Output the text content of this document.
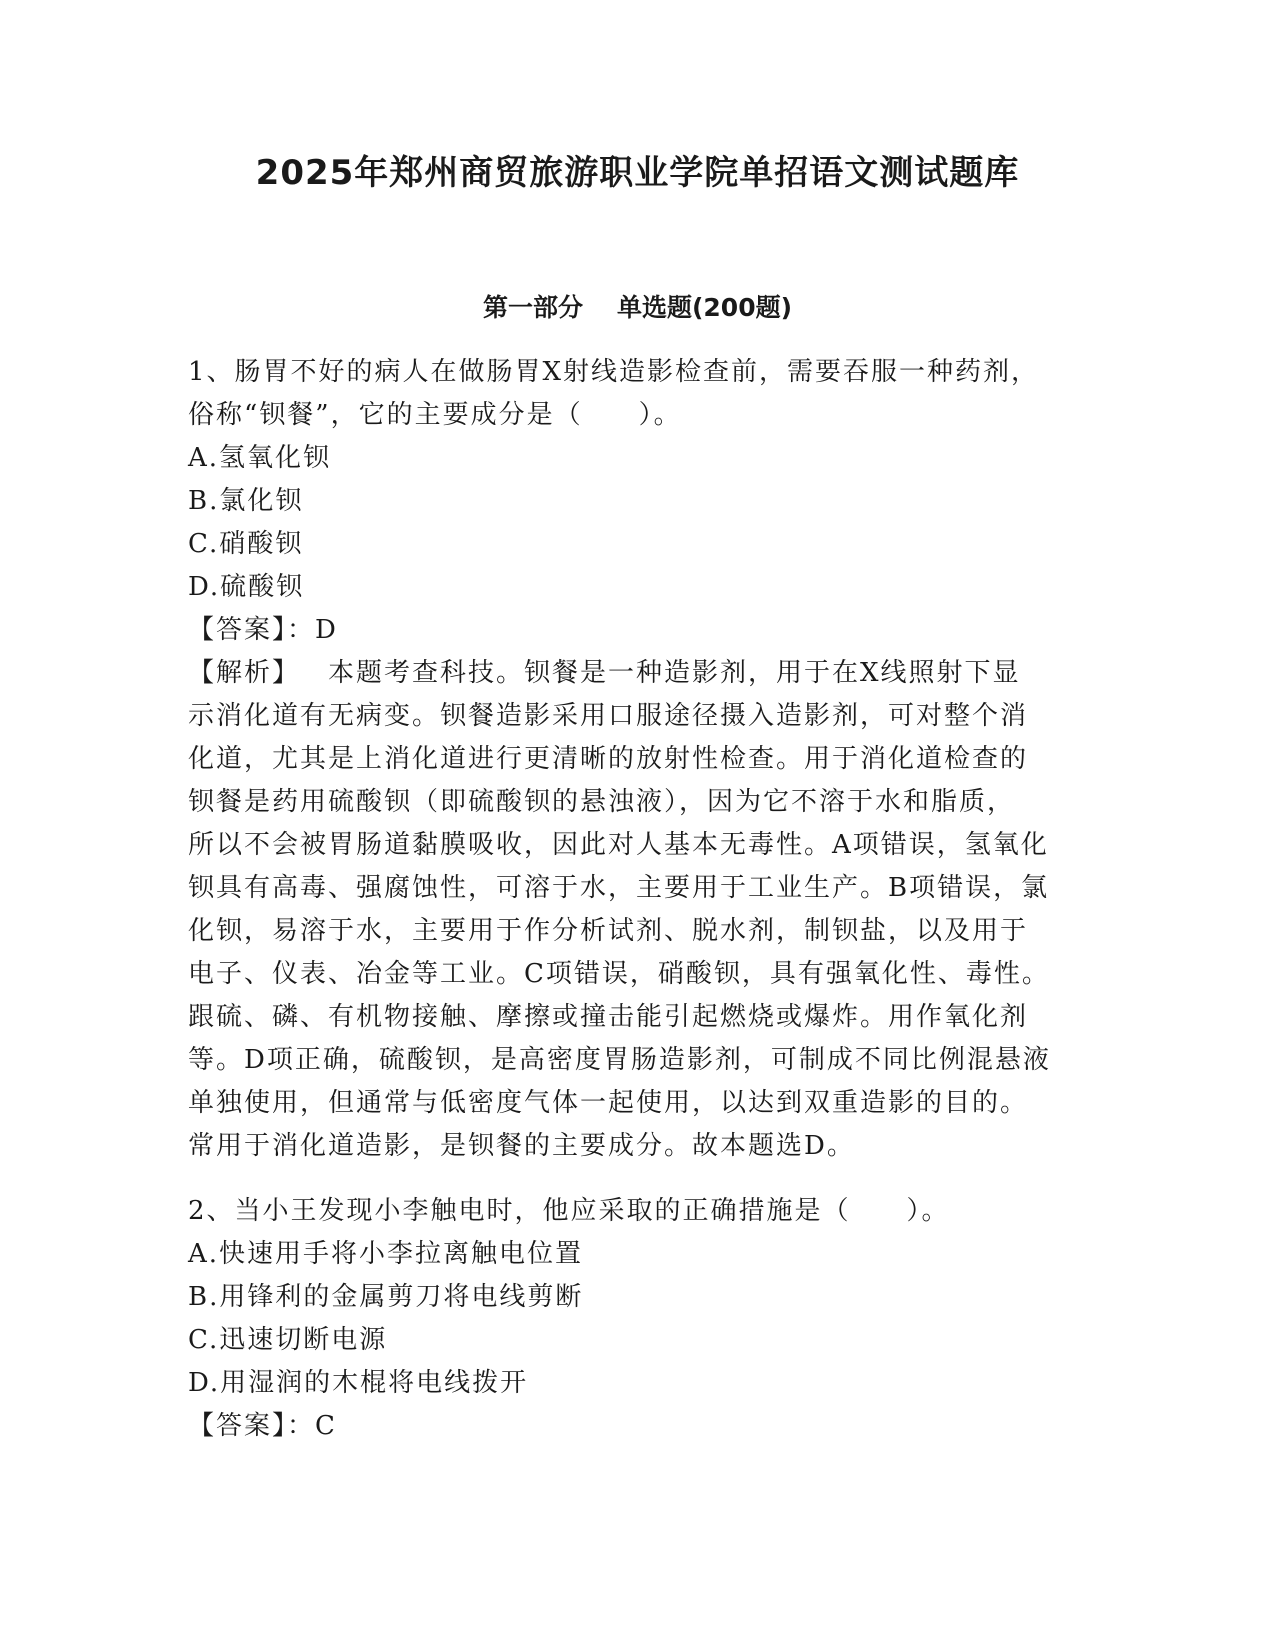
2025年郑州商贸旅游职业学院单招语文测试题库
第一部分 单选题(200题)
1、肠胃不好的病人在做肠胃X射线造影检查前，需要吞服一种药剂，
俗称“钡餐”，它的主要成分是（　　）。
A.氢氧化钡
B.氯化钡
C.硝酸钡
D.硫酸钡
【答案】：D
【解析】 本题考查科技。钡餐是一种造影剂，用于在X线照射下显
示消化道有无病变。钡餐造影采用口服途径摄入造影剂，可对整个消
化道，尤其是上消化道进行更清晰的放射性检查。用于消化道检查的
钡餐是药用硫酸钡（即硫酸钡的悬浊液），因为它不溶于水和脂质，
所以不会被胃肠道黏膜吸收，因此对人基本无毒性。A项错误，氢氧化
钡具有高毒、强腐蚀性，可溶于水，主要用于工业生产。B项错误，氯
化钡，易溶于水，主要用于作分析试剂、脱水剂，制钡盐，以及用于
电子、仪表、冶金等工业。C项错误，硝酸钡，具有强氧化性、毒性。
跟硫、磷、有机物接触、摩擦或撞击能引起燃烧或爆炸。用作氧化剂
等。D项正确，硫酸钡，是高密度胃肠造影剂，可制成不同比例混悬液
单独使用，但通常与低密度气体一起使用，以达到双重造影的目的。
常用于消化道造影，是钡餐的主要成分。故本题选D。
2、当小王发现小李触电时，他应采取的正确措施是（　　）。
A.快速用手将小李拉离触电位置
B.用锋利的金属剪刀将电线剪断
C.迅速切断电源
D.用湿润的木棍将电线拨开
【答案】：C
